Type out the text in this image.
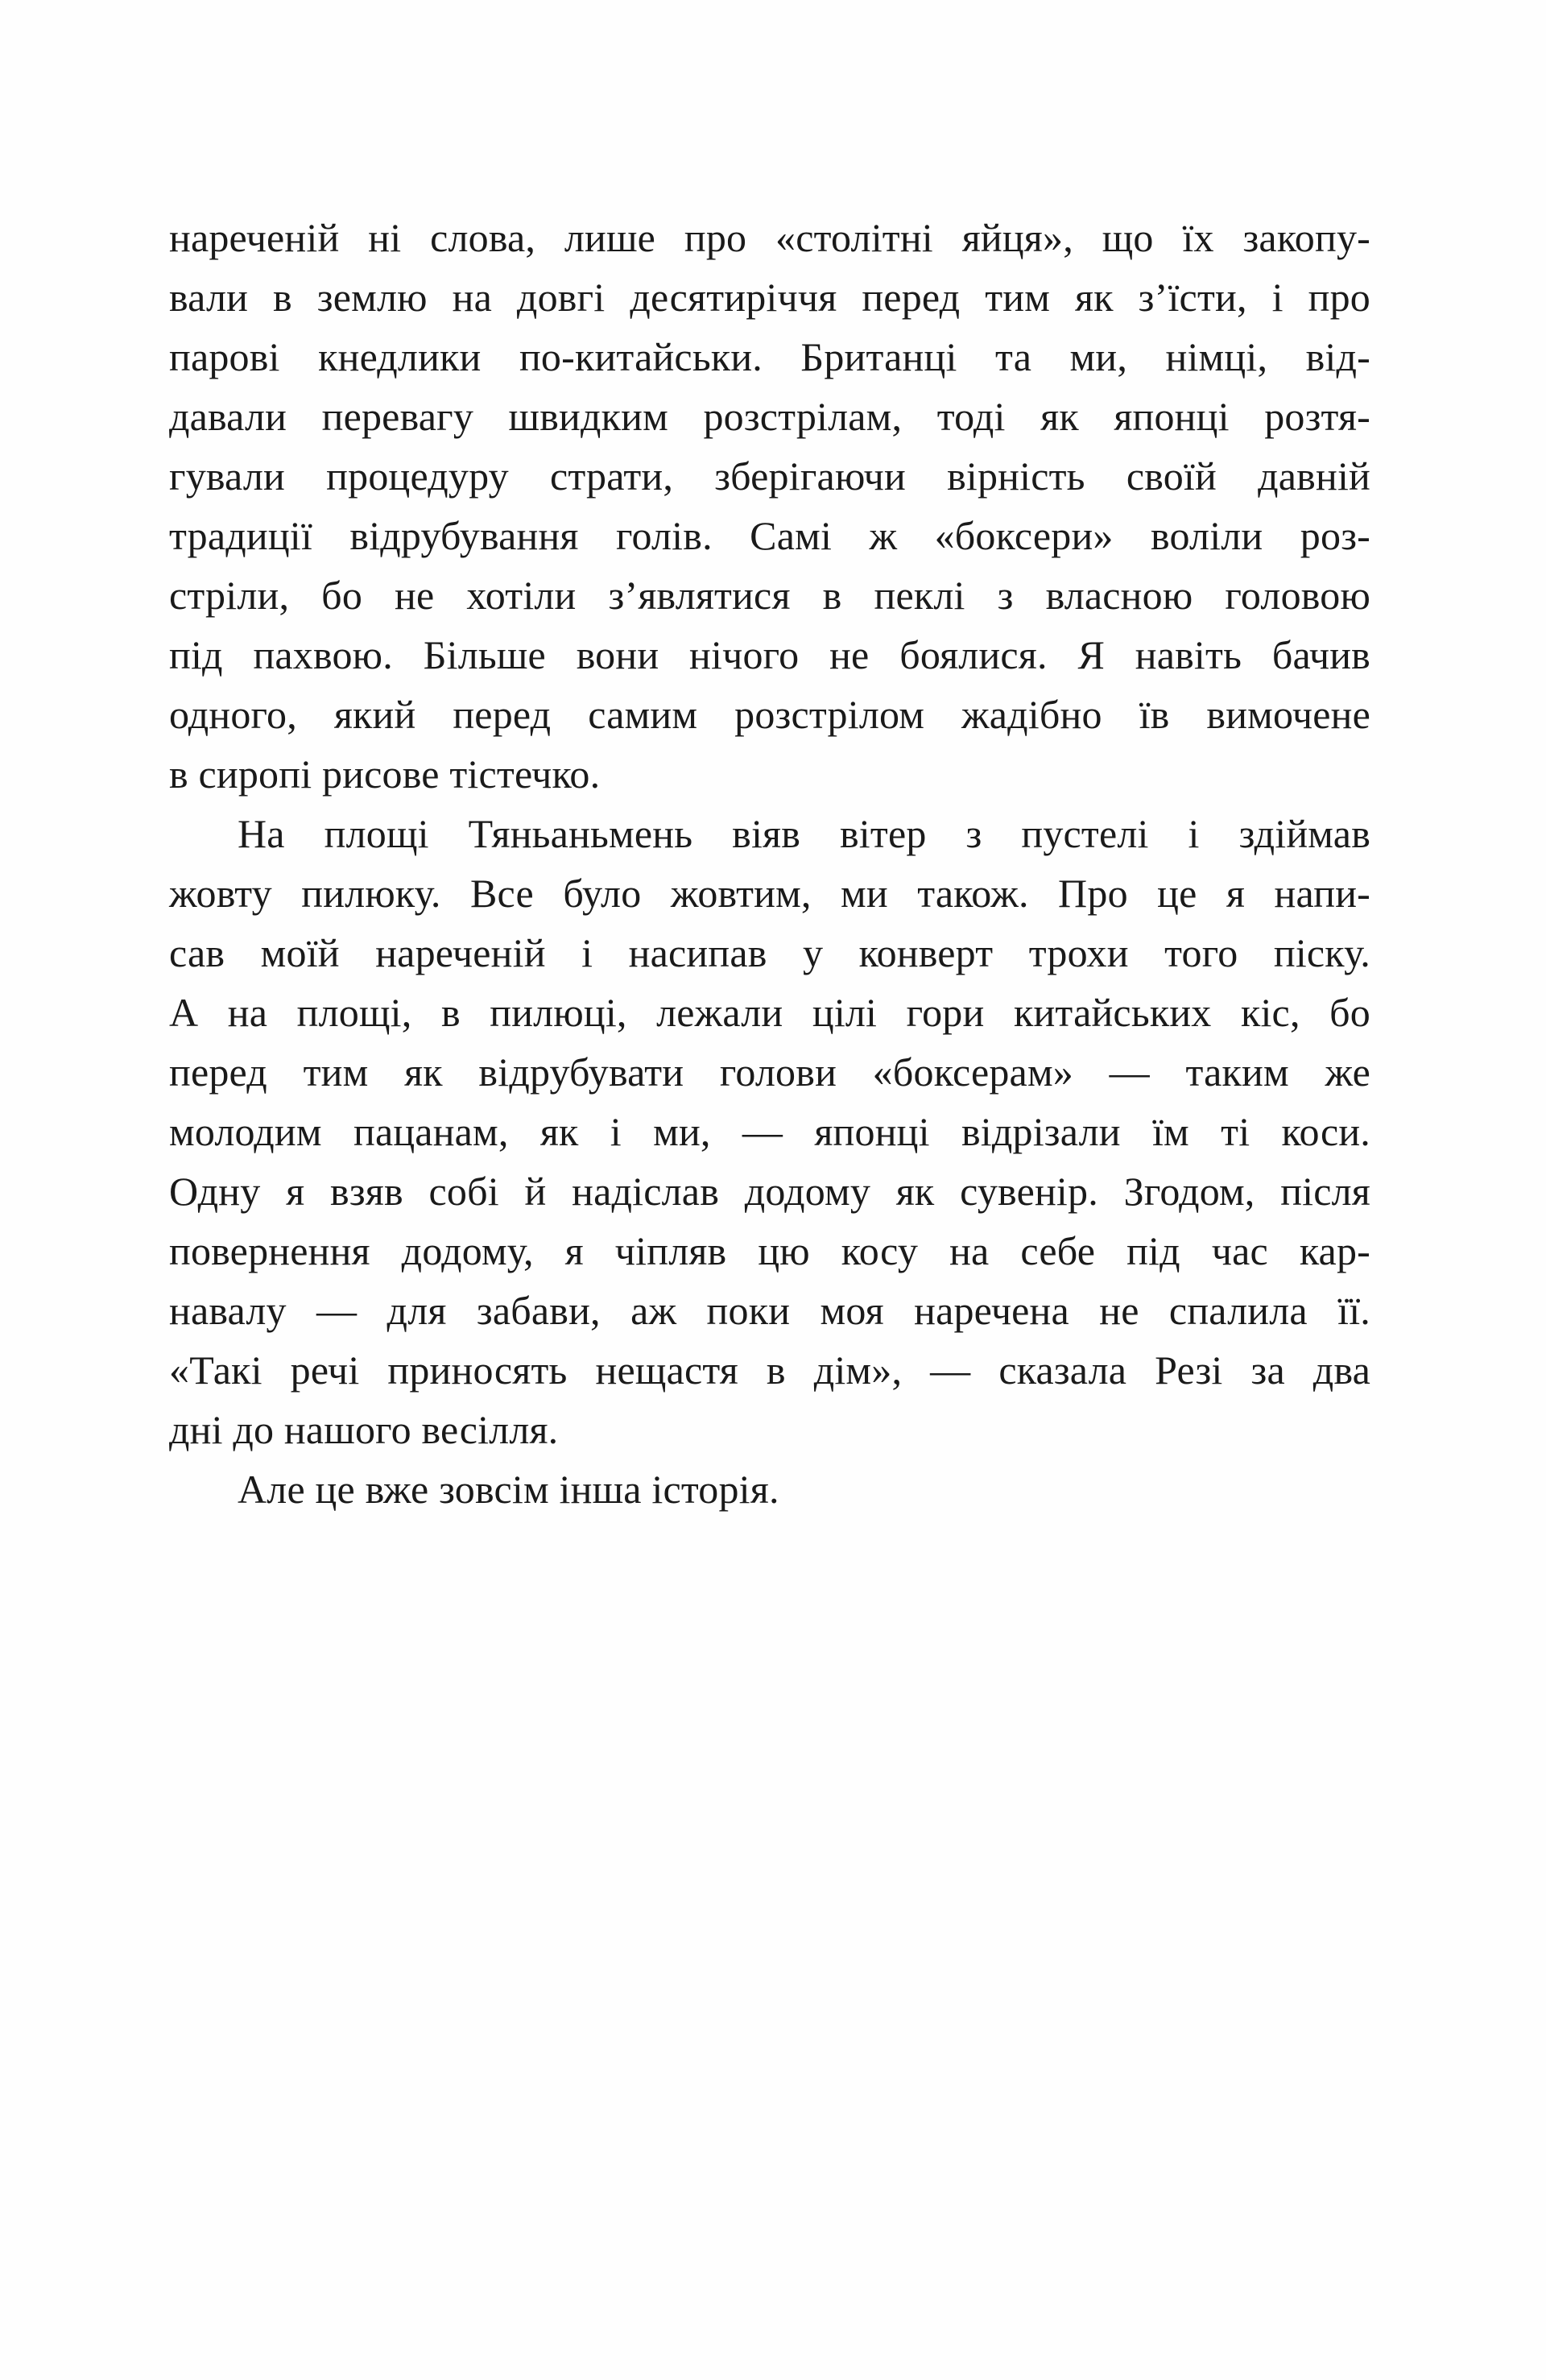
нареченій ні слова, лише про «столітні яйця», що їх закопу-
вали в землю на довгі десятиріччя перед тим як з’їсти, і про
парові кнедлики по-китайськи. Британці та ми, німці, від-
давали перевагу швидким розстрілам, тоді як японці розтя-
гували процедуру страти, зберігаючи вірність своїй давній
традиції відрубування голів. Самі ж «боксери» воліли роз-
стріли, бо не хотіли з’являтися в пеклі з власною головою
під пахвою. Більше вони нічого не боялися. Я навіть бачив
одного, який перед самим розстрілом жадібно їв вимочене
в сиропі рисове тістечко.
На площі Тяньаньмень віяв вітер з пустелі і здіймав
жовту пилюку. Все було жовтим, ми також. Про це я напи-
сав моїй нареченій і насипав у конверт трохи того піску.
А на площі, в пилюці, лежали цілі гори китайських кіс, бо
перед тим як відрубувати голови «боксерам» — таким же
молодим пацанам, як і ми, — японці відрізали їм ті коси.
Одну я взяв собі й надіслав додому як сувенір. Згодом, після
повернення додому, я чіпляв цю косу на себе під час кар-
навалу — для забави, аж поки моя наречена не спалила її.
«Такі речі приносять нещастя в дім», — сказала Резі за два
дні до нашого весілля.
Але це вже зовсім інша історія.
